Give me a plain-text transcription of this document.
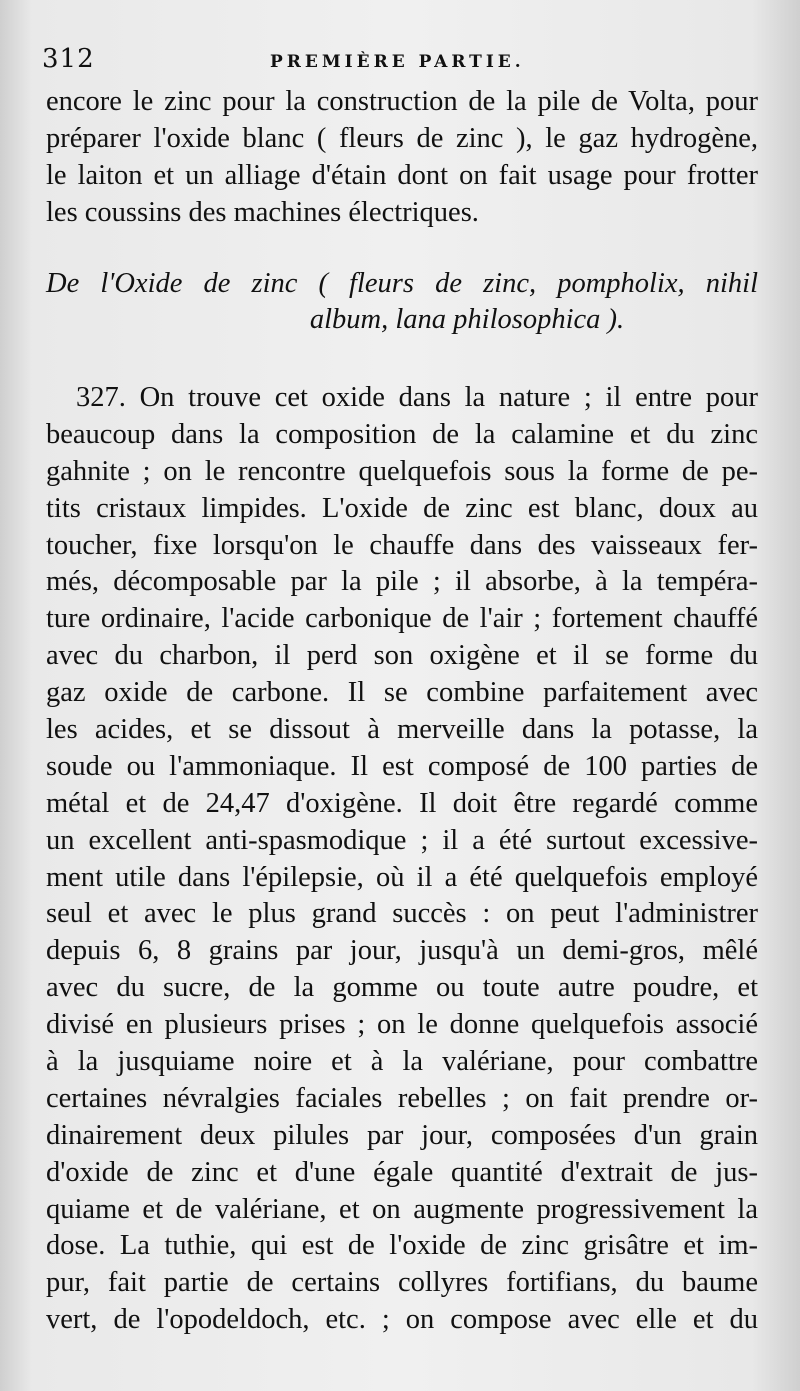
312	PREMIÈRE PARTIE.
encore le zinc pour la construction de la pile de Volta, pour
préparer l'oxide blanc ( fleurs de zinc ), le gaz hydrogène,
le laiton et un alliage d'étain dont on fait usage pour frotter
les coussins des machines électriques.
De l'Oxide de zinc ( fleurs de zinc, pompholix, nihil
album, lana philosophica ).
327. On trouve cet oxide dans la nature ; il entre pour
beaucoup dans la composition de la calamine et du zinc
gahnite ; on le rencontre quelquefois sous la forme de pe-
tits cristaux limpides. L'oxide de zinc est blanc, doux au
toucher, fixe lorsqu'on le chauffe dans des vaisseaux fer-
més, décomposable par la pile ; il absorbe, à la tempéra-
ture ordinaire, l'acide carbonique de l'air ; fortement chauffé
avec du charbon, il perd son oxigène et il se forme du
gaz oxide de carbone. Il se combine parfaitement avec
les acides, et se dissout à merveille dans la potasse, la
soude ou l'ammoniaque. Il est composé de 100 parties de
métal et de 24,47 d'oxigène. Il doit être regardé comme
un excellent anti-spasmodique ; il a été surtout excessive-
ment utile dans l'épilepsie, où il a été quelquefois employé
seul et avec le plus grand succès : on peut l'administrer
depuis 6, 8 grains par jour, jusqu'à un demi-gros, mêlé
avec du sucre, de la gomme ou toute autre poudre, et
divisé en plusieurs prises ; on le donne quelquefois associé
à la jusquiame noire et à la valériane, pour combattre
certaines névralgies faciales rebelles ; on fait prendre or-
dinairement deux pilules par jour, composées d'un grain
d'oxide de zinc et d'une égale quantité d'extrait de jus-
quiame et de valériane, et on augmente progressivement la
dose. La tuthie, qui est de l'oxide de zinc grisâtre et im-
pur, fait partie de certains collyres fortifians, du baume
vert, de l'opodeldoch, etc. ; on compose avec elle et du
